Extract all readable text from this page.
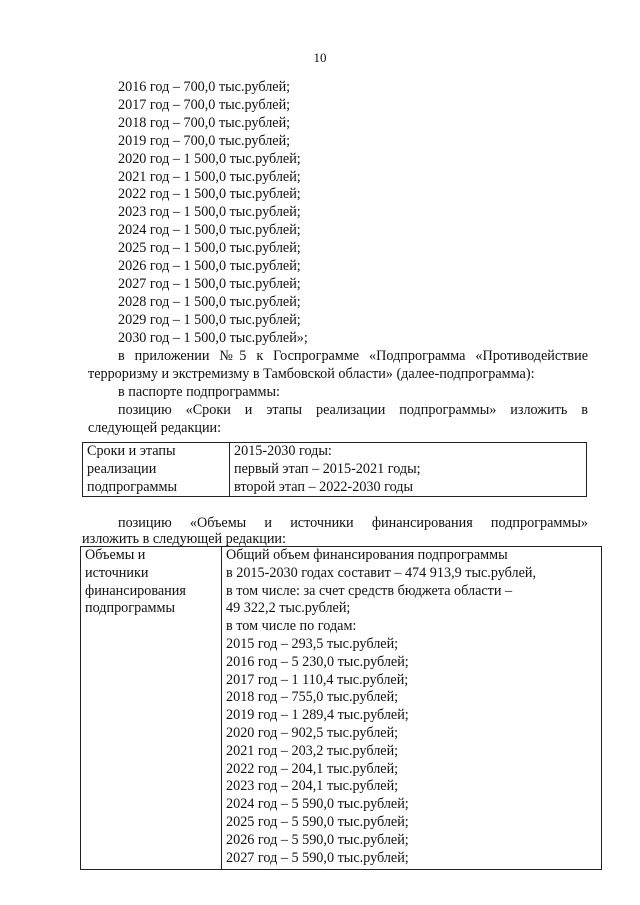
10
2016 год – 700,0 тыс.рублей;
2017 год – 700,0 тыс.рублей;
2018 год – 700,0 тыс.рублей;
2019 год – 700,0 тыс.рублей;
2020 год – 1 500,0 тыс.рублей;
2021 год – 1 500,0 тыс.рублей;
2022 год – 1 500,0 тыс.рублей;
2023 год – 1 500,0 тыс.рублей;
2024 год – 1 500,0 тыс.рублей;
2025 год – 1 500,0 тыс.рублей;
2026 год – 1 500,0 тыс.рублей;
2027 год – 1 500,0 тыс.рублей;
2028 год – 1 500,0 тыс.рублей;
2029 год – 1 500,0 тыс.рублей;
2030 год – 1 500,0 тыс.рублей»;
в приложении №5 к Госпрограмме «Подпрограмма «Противодействие
терроризму и экстремизму в Тамбовской области» (далее-подпрограмма):
в паспорте подпрограммы:
позицию «Сроки и этапы реализации подпрограммы» изложить в
следующей редакции:
Сроки и этапы
реализации
подпрограммы

2015-2030 годы:
первый этап – 2015-2021 годы;
второй этап – 2022-2030 годы
позицию «Объемы и источники финансирования подпрограммы»
изложить в следующей редакции:
Объемы и
источники
финансирования
подпрограммы

Общий объем финансирования подпрограммы
в 2015-2030 годах составит – 474 913,9 тыс.рублей,
в том числе: за счет средств бюджета области –
49 322,2 тыс.рублей;
в том числе по годам:
2015 год – 293,5 тыс.рублей;
2016 год – 5 230,0 тыс.рублей;
2017 год – 1 110,4 тыс.рублей;
2018 год – 755,0 тыс.рублей;
2019 год – 1 289,4 тыс.рублей;
2020 год – 902,5 тыс.рублей;
2021 год – 203,2 тыс.рублей;
2022 год – 204,1 тыс.рублей;
2023 год – 204,1 тыс.рублей;
2024 год – 5 590,0 тыс.рублей;
2025 год – 5 590,0 тыс.рублей;
2026 год – 5 590,0 тыс.рублей;
2027 год – 5 590,0 тыс.рублей;
